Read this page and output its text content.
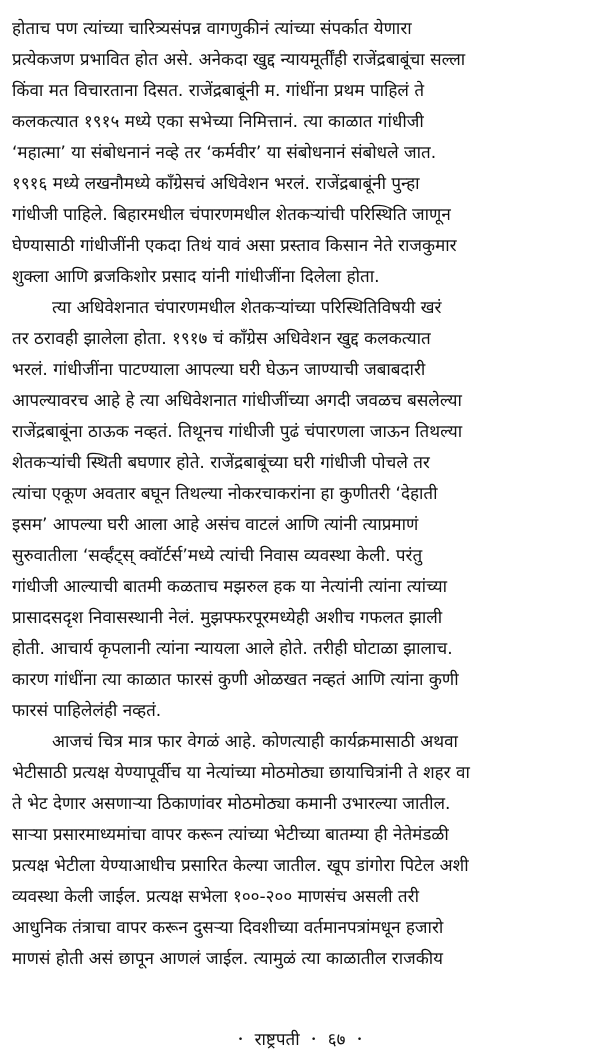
होताच पण त्यांच्या चारित्र्यसंपन्न वागणुकीनं त्यांच्या संपर्कात येणारा
प्रत्येकजण प्रभावित होत असे. अनेकदा खुद्द न्यायमूर्तींही राजेंद्रबाबूंचा सल्ला
किंवा मत विचारताना दिसत. राजेंद्रबाबूंनी म. गांधींना प्रथम पाहिलं ते
कलकत्यात १९१५ मध्ये एका सभेच्या निमित्तानं. त्या काळात गांधीजी
‘महात्मा’ या संबोधनानं नव्हे तर ‘कर्मवीर’ या संबोधनानं संबोधले जात.
१९१६ मध्ये लखनौमध्ये कॉंग्रेसचं अधिवेशन भरलं. राजेंद्रबाबूंनी पुन्हा
गांधीजी पाहिले. बिहारमधील चंपारणमधील शेतकऱ्यांची परिस्थिति जाणून
घेण्यासाठी गांधीजींनी एकदा तिथं यावं असा प्रस्ताव किसान नेते राजकुमार
शुक्ला आणि ब्रजकिशोर प्रसाद यांनी गांधीजींना दिलेला होता.
त्या अधिवेशनात चंपारणमधील शेतकऱ्यांच्या परिस्थितिविषयी खरं
तर ठरावही झालेला होता. १९१७ चं कॉंग्रेस अधिवेशन खुद्द कलकत्यात
भरलं. गांधीजींना पाटण्याला आपल्या घरी घेऊन जाण्याची जबाबदारी
आपल्यावरच आहे हे त्या अधिवेशनात गांधीजींच्या अगदी जवळच बसलेल्या
राजेंद्रबाबूंना ठाऊक नव्हतं. तिथूनच गांधीजी पुढं चंपारणला जाऊन तिथल्या
शेतकऱ्यांची स्थिती बघणार होते. राजेंद्रबाबूंच्या घरी गांधीजी पोचले तर
त्यांचा एकूण अवतार बघून तिथल्या नोकरचाकरांना हा कुणीतरी ‘देहाती
इसम’ आपल्या घरी आला आहे असंच वाटलं आणि त्यांनी त्याप्रमाणं
सुरुवातीला ‘सर्व्हंट्स् क्वॉर्टर्स’मध्ये त्यांची निवास व्यवस्था केली. परंतु
गांधीजी आल्याची बातमी कळताच मझरुल हक या नेत्यांनी त्यांना त्यांच्या
प्रासादसदृश निवासस्थानी नेलं. मुझफ्फरपूरमध्येही अशीच गफलत झाली
होती. आचार्य कृपलानी त्यांना न्यायला आले होते. तरीही घोटाळा झालाच.
कारण गांधींना त्या काळात फारसं कुणी ओळखत नव्हतं आणि त्यांना कुणी
फारसं पाहिलेलंही नव्हतं.
आजचं चित्र मात्र फार वेगळं आहे. कोणत्याही कार्यक्रमासाठी अथवा
भेटीसाठी प्रत्यक्ष येण्यापूर्वीच या नेत्यांच्या मोठमोठ्या छायाचित्रांनी ते शहर वा
ते भेट देणार असणाऱ्या ठिकाणांवर मोठमोठ्या कमानी उभारल्या जातील.
साऱ्या प्रसारमाध्यमांचा वापर करून त्यांच्या भेटीच्या बातम्या ही नेतेमंडळी
प्रत्यक्ष भेटीला येण्याआधीच प्रसारित केल्या जातील. खूप डांगोरा पिटेल अशी
व्यवस्था केली जाईल. प्रत्यक्ष सभेला १००-२०० माणसंच असली तरी
आधुनिक तंत्राचा वापर करून दुसऱ्या दिवशीच्या वर्तमानपत्रांमधून हजारो
माणसं होती असं छापून आणलं जाईल. त्यामुळं त्या काळातील राजकीय
• राष्ट्रपती • ६७ •
